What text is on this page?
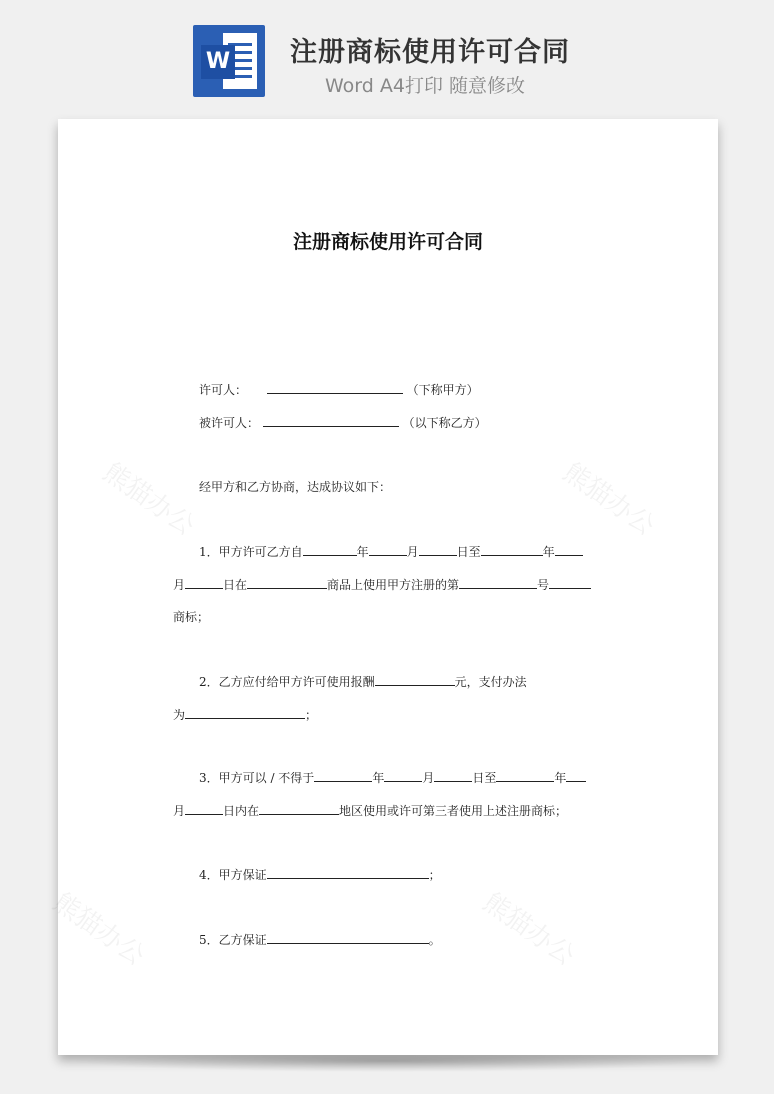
W 注册商标使用许可合同
Word A4打印 随意修改
熊猫办公	熊猫办公
熊猫办公	熊猫办公
注册商标使用许可合同
许可人：	（下称甲方）
被许可人：	（以下称乙方）
经甲方和乙方协商，达成协议如下：
1．甲方许可乙方自	年	月	日至	年
月	日在	商品上使用甲方注册的第	号
商标；
2．乙方应付给甲方许可使用报酬	元，支付办法
为	；
3．甲方可以 / 不得于	年	月	日至	年
月	日内在	地区使用或许可第三者使用上述注册商标；
4．甲方保证	；
5．乙方保证	。
